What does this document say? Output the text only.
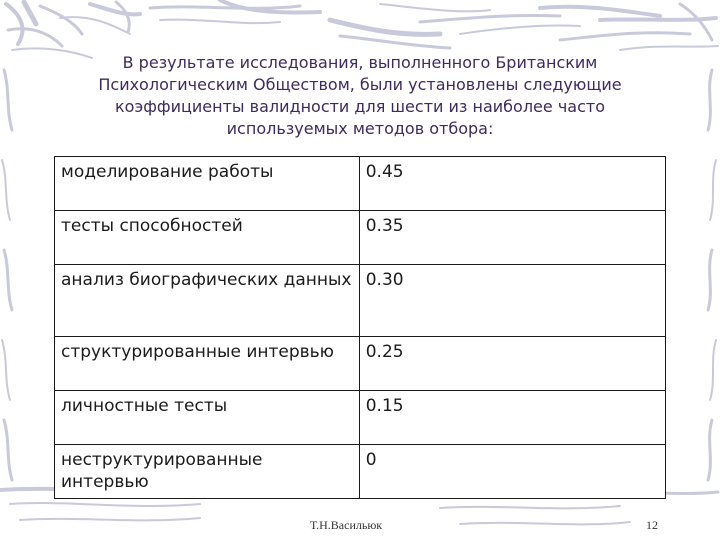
В результате исследования, выполненного Британским Психологическим Обществом, были установлены следующие коэффициенты валидности для шести из наиболее часто используемых методов отбора:
моделирование работы	0.45
тесты способностей	0.35
анализ биографических данных	0.30
структурированные интервью	0.25
личностные тесты	0.15
неструктурированные интервью	0
Т.Н.Васильюк	12
